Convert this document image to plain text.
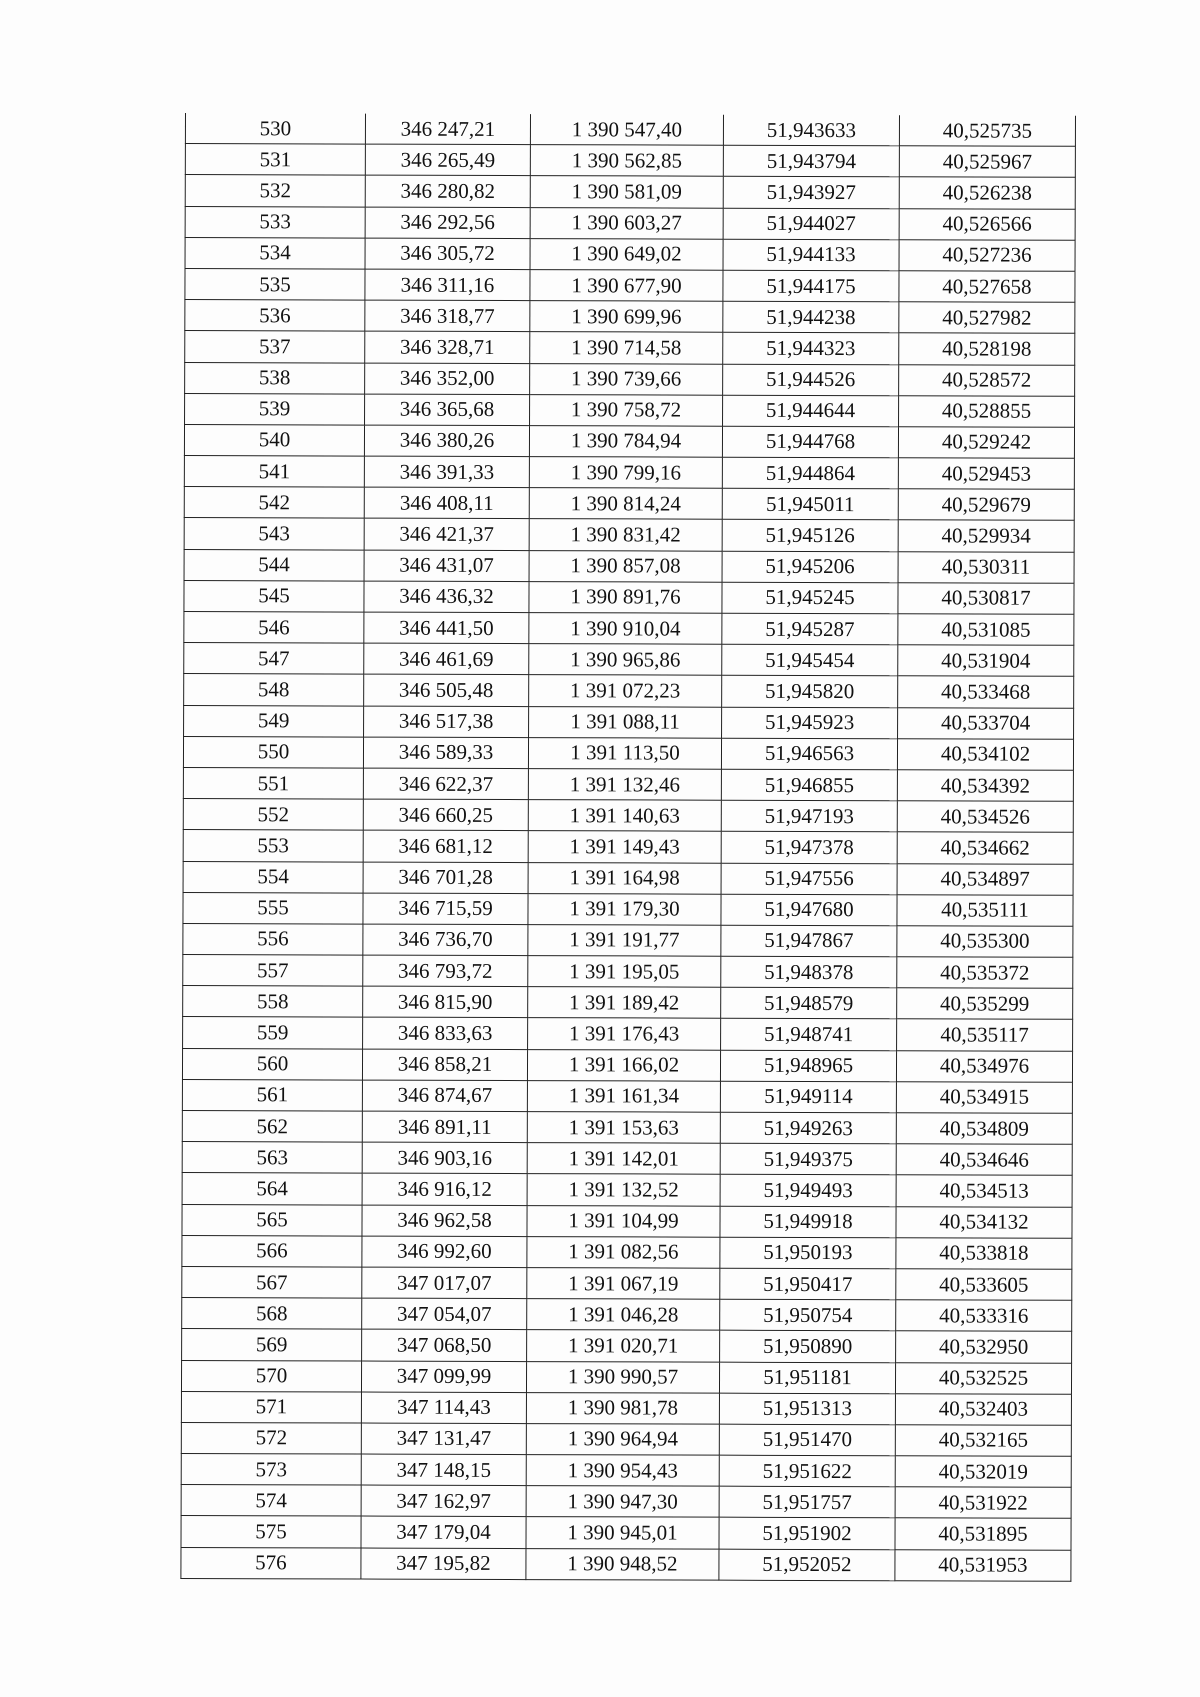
530	346 247,21	1 390 547,40	51,943633	40,525735
531	346 265,49	1 390 562,85	51,943794	40,525967
532	346 280,82	1 390 581,09	51,943927	40,526238
533	346 292,56	1 390 603,27	51,944027	40,526566
534	346 305,72	1 390 649,02	51,944133	40,527236
535	346 311,16	1 390 677,90	51,944175	40,527658
536	346 318,77	1 390 699,96	51,944238	40,527982
537	346 328,71	1 390 714,58	51,944323	40,528198
538	346 352,00	1 390 739,66	51,944526	40,528572
539	346 365,68	1 390 758,72	51,944644	40,528855
540	346 380,26	1 390 784,94	51,944768	40,529242
541	346 391,33	1 390 799,16	51,944864	40,529453
542	346 408,11	1 390 814,24	51,945011	40,529679
543	346 421,37	1 390 831,42	51,945126	40,529934
544	346 431,07	1 390 857,08	51,945206	40,530311
545	346 436,32	1 390 891,76	51,945245	40,530817
546	346 441,50	1 390 910,04	51,945287	40,531085
547	346 461,69	1 390 965,86	51,945454	40,531904
548	346 505,48	1 391 072,23	51,945820	40,533468
549	346 517,38	1 391 088,11	51,945923	40,533704
550	346 589,33	1 391 113,50	51,946563	40,534102
551	346 622,37	1 391 132,46	51,946855	40,534392
552	346 660,25	1 391 140,63	51,947193	40,534526
553	346 681,12	1 391 149,43	51,947378	40,534662
554	346 701,28	1 391 164,98	51,947556	40,534897
555	346 715,59	1 391 179,30	51,947680	40,535111
556	346 736,70	1 391 191,77	51,947867	40,535300
557	346 793,72	1 391 195,05	51,948378	40,535372
558	346 815,90	1 391 189,42	51,948579	40,535299
559	346 833,63	1 391 176,43	51,948741	40,535117
560	346 858,21	1 391 166,02	51,948965	40,534976
561	346 874,67	1 391 161,34	51,949114	40,534915
562	346 891,11	1 391 153,63	51,949263	40,534809
563	346 903,16	1 391 142,01	51,949375	40,534646
564	346 916,12	1 391 132,52	51,949493	40,534513
565	346 962,58	1 391 104,99	51,949918	40,534132
566	346 992,60	1 391 082,56	51,950193	40,533818
567	347 017,07	1 391 067,19	51,950417	40,533605
568	347 054,07	1 391 046,28	51,950754	40,533316
569	347 068,50	1 391 020,71	51,950890	40,532950
570	347 099,99	1 390 990,57	51,951181	40,532525
571	347 114,43	1 390 981,78	51,951313	40,532403
572	347 131,47	1 390 964,94	51,951470	40,532165
573	347 148,15	1 390 954,43	51,951622	40,532019
574	347 162,97	1 390 947,30	51,951757	40,531922
575	347 179,04	1 390 945,01	51,951902	40,531895
576	347 195,82	1 390 948,52	51,952052	40,531953
